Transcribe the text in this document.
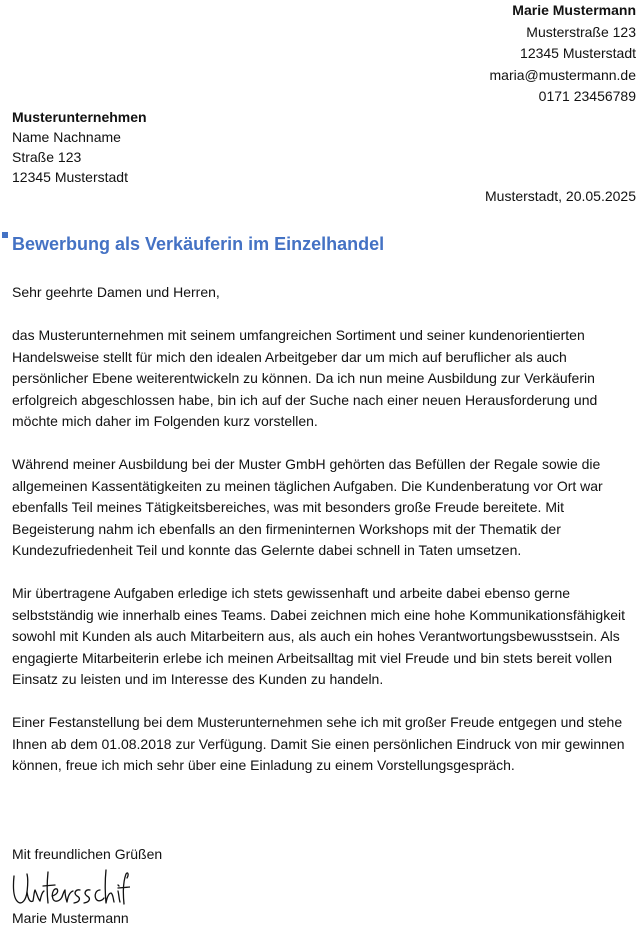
Marie Mustermann
Musterstraße 123
12345 Musterstadt
maria@mustermann.de
0171 23456789
Musterunternehmen
Name Nachname
Straße 123
12345 Musterstadt
Musterstadt, 20.05.2025
Bewerbung als Verkäuferin im Einzelhandel

Sehr geehrte Damen und Herren,

das Musterunternehmen mit seinem umfangreichen Sortiment und seiner kundenorientierten Handelsweise stellt für mich den idealen Arbeitgeber dar um mich auf beruflicher als auch persönlicher Ebene weiterentwickeln zu können. Da ich nun meine Ausbildung zur Verkäuferin erfolgreich abgeschlossen habe, bin ich auf der Suche nach einer neuen Herausforderung und möchte mich daher im Folgenden kurz vorstellen.

Während meiner Ausbildung bei der Muster GmbH gehörten das Befüllen der Regale sowie die allgemeinen Kassentätigkeiten zu meinen täglichen Aufgaben. Die Kundenberatung vor Ort war ebenfalls Teil meines Tätigkeitsbereiches, was mit besonders große Freude bereitete. Mit Begeisterung nahm ich ebenfalls an den firmeninternen Workshops mit der Thematik der Kundezufriedenheit Teil und konnte das Gelernte dabei schnell in Taten umsetzen.

Mir übertragene Aufgaben erledige ich stets gewissenhaft und arbeite dabei ebenso gerne selbstständig wie innerhalb eines Teams. Dabei zeichnen mich eine hohe Kommunikationsfähigkeit sowohl mit Kunden als auch Mitarbeitern aus, als auch ein hohes Verantwortungsbewusstsein. Als engagierte Mitarbeiterin erlebe ich meinen Arbeitsalltag mit viel Freude und bin stets bereit vollen Einsatz zu leisten und im Interesse des Kunden zu handeln.

Einer Festanstellung bei dem Musterunternehmen sehe ich mit großer Freude entgegen und stehe Ihnen ab dem 01.08.2018 zur Verfügung. Damit Sie einen persönlichen Eindruck von mir gewinnen können, freue ich mich sehr über eine Einladung zu einem Vorstellungsgespräch.

Mit freundlichen Grüßen
Marie Mustermann
